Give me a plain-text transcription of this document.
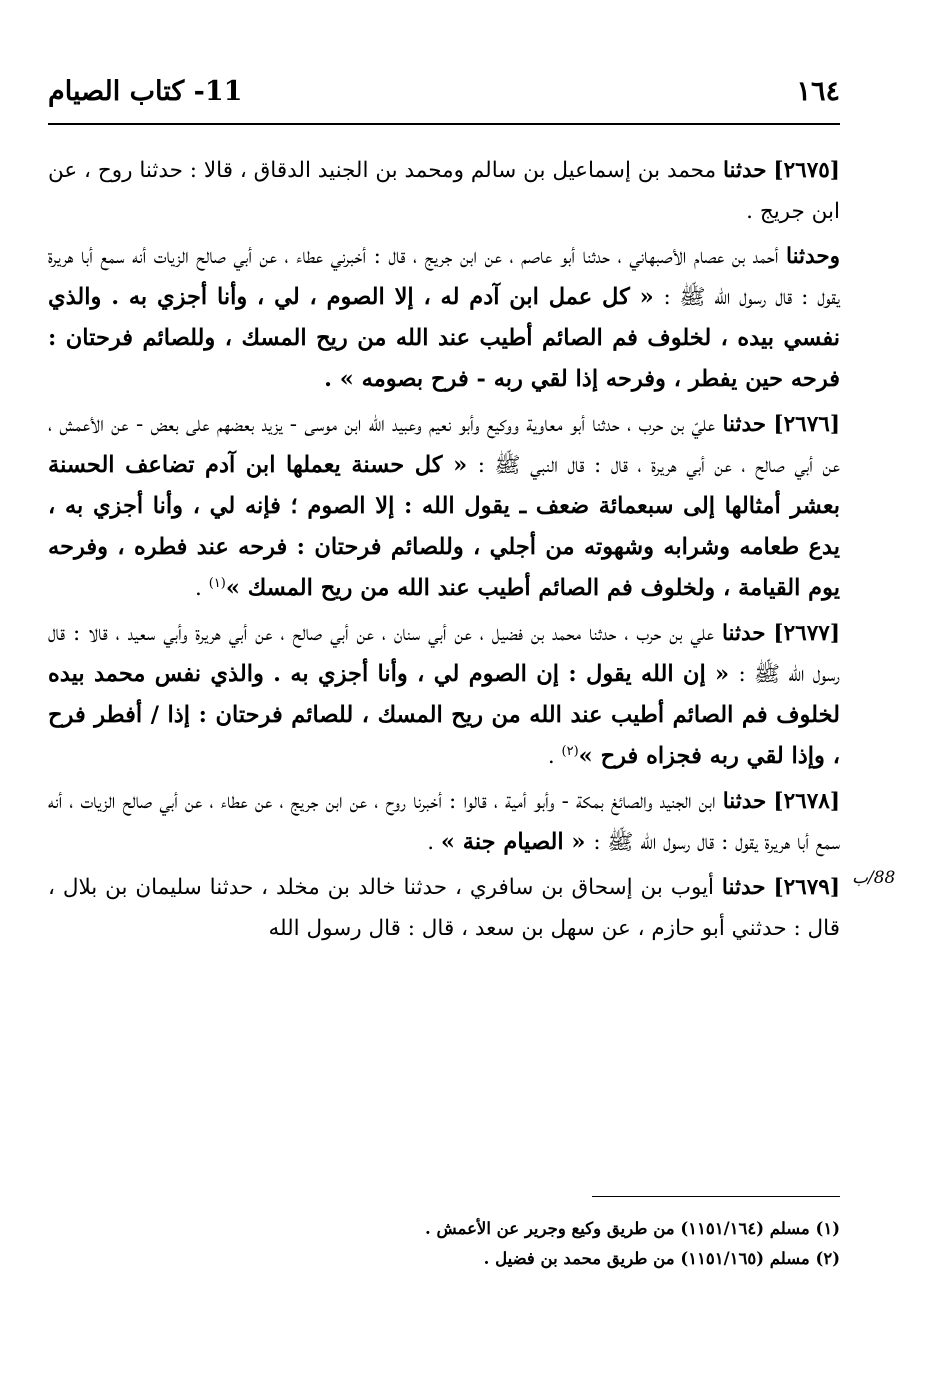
١٦٤
11- كتاب الصيام

[٢٦٧٥] حدثنا محمد بن إسماعيل بن سالم ومحمد بن الجنيد الدقاق ، قالا : حدثنا روح ، عن ابن جريج .

وحدثنا أحمد بن عصام الأصبهاني ، حدثنا أبو عاصم ، عن ابن جريج ، قال : أخبرني عطاء ، عن أبي صالح الزيات أنه سمع أبا هريرة يقول : قال رسول الله ﷺ : « كل عمل ابن آدم له ، إلا الصوم ، لي ، وأنا أجزي به . والذي نفسي بيده ، لخلوف فم الصائم أطيب عند الله من ريح المسك ، وللصائم فرحتان : فرحه حين يفطر ، وفرحه إذا لقي ربه - فرح بصومه » .

[٢٦٧٦] حدثنا عليّ بن حرب ، حدثنا أبو معاوية ووكيع وأبو نعيم وعبيد الله ابن موسى - يزيد بعضهم على بعض - عن الأعمش ، عن أبي صالح ، عن أبي هريرة ، قال : قال النبي ﷺ : « كل حسنة يعملها ابن آدم تضاعف الحسنة بعشر أمثالها إلى سبعمائة ضعف ـ يقول الله : إلا الصوم ؛ فإنه لي ، وأنا أجزي به ، يدع طعامه وشرابه وشهوته من أجلي ، وللصائم فرحتان : فرحه عند فطره ، وفرحه يوم القيامة ، ولخلوف فم الصائم أطيب عند الله من ريح المسك »$^{(١)}$ .

[٢٦٧٧] حدثنا علي بن حرب ، حدثنا محمد بن فضيل ، عن أبي سنان ، عن أبي صالح ، عن أبي هريرة وأبي سعيد ، قالا : قال رسول الله ﷺ : « إن الله يقول : إن الصوم لي ، وأنا أجزي به . والذي نفس محمد بيده لخلوف فم الصائم أطيب عند الله من ريح المسك ، للصائم فرحتان : إذا / أفطر فرح ، وإذا لقي ربه فجزاه فرح »$^{(٢)}$ .

[٢٦٧٨] حدثنا ابن الجنيد والصائغ بمكة - وأبو أمية ، قالوا : أخبرنا روح ، عن ابن جريج ، عن عطاء ، عن أبي صالح الزيات ، أنه سمع أبا هريرة يقول : قال رسول الله ﷺ : « الصيام جنة » .

[٢٦٧٩] حدثنا أيوب بن إسحاق بن سافري ، حدثنا خالد بن مخلد ، حدثنا سليمان بن بلال ، قال : حدثني أبو حازم ، عن سهل بن سعد ، قال : قال رسول الله

88/ب
(١) مسلم (١١٥١/١٦٤) من طريق وكيع وجرير عن الأعمش .
(٢) مسلم (١١٥١/١٦٥) من طريق محمد بن فضيل .
